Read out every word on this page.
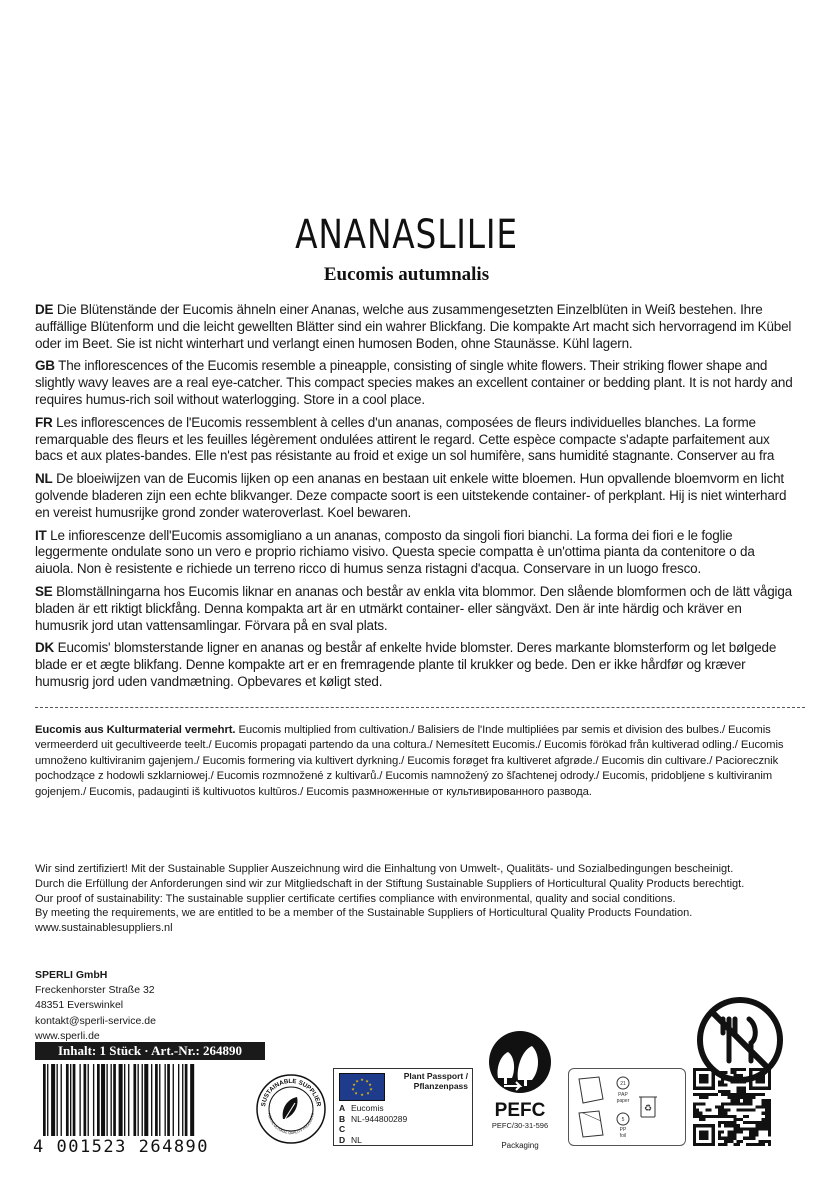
ANANASLILIE
Eucomis autumnalis
DE Die Blütenstände der Eucomis ähneln einer Ananas, welche aus zusammengesetzten Einzelblüten in Weiß bestehen. Ihre auffällige Blütenform und die leicht gewellten Blätter sind ein wahrer Blickfang. Die kompakte Art macht sich hervorragend im Kübel oder im Beet. Sie ist nicht winterhart und verlangt einen humosen Boden, ohne Staunässe. Kühl lagern.
GB The inflorescences of the Eucomis resemble a pineapple, consisting of single white flowers. Their striking flower shape and slightly wavy leaves are a real eye-catcher. This compact species makes an excellent container or bedding plant. It is not hardy and requires humus-rich soil without waterlogging. Store in a cool place.
FR Les inflorescences de l'Eucomis ressemblent à celles d'un ananas, composées de fleurs individuelles blanches. La forme remarquable des fleurs et les feuilles légèrement ondulées attirent le regard. Cette espèce compacte s'adapte parfaitement aux bacs et aux plates-bandes. Elle n'est pas résistante au froid et exige un sol humifère, sans humidité stagnante. Conserver au fra
NL De bloeiwijzen van de Eucomis lijken op een ananas en bestaan uit enkele witte bloemen. Hun opvallende bloemvorm en licht golvende bladeren zijn een echte blikvanger. Deze compacte soort is een uitstekende container- of perkplant. Hij is niet winterhard en vereist humusrijke grond zonder wateroverlast. Koel bewaren.
IT Le infiorescenze dell'Eucomis assomigliano a un ananas, composto da singoli fiori bianchi. La forma dei fiori e le foglie leggermente ondulate sono un vero e proprio richiamo visivo. Questa specie compatta è un'ottima pianta da contenitore o da aiuola. Non è resistente e richiede un terreno ricco di humus senza ristagni d'acqua. Conservare in un luogo fresco.
SE Blomställningarna hos Eucomis liknar en ananas och består av enkla vita blommor. Den slående blomformen och de lätt vågiga bladen är ett riktigt blickfång. Denna kompakta art är en utmärkt container- eller sängväxt. Den är inte härdig och kräver en humusrik jord utan vattensamlingar. Förvara på en sval plats.
DK Eucomis' blomsterstande ligner en ananas og består af enkelte hvide blomster. Deres markante blomsterform og let bølgede blade er et ægte blikfang. Denne kompakte art er en fremragende plante til krukker og bede. Den er ikke hårdfør og kræver humusrig jord uden vandmætning. Opbevares et køligt sted.
Eucomis aus Kulturmaterial vermehrt. Eucomis multiplied from cultivation./ Balisiers de l'Inde multipliées par semis et division des bulbes./ Eucomis vermeerderd uit gecultiveerde teelt./ Eucomis propagati partendo da una coltura./ Nemesített Eucomis./ Eucomis förökad från kultiverad odling./ Eucomis umnoženo kultiviranim gajenjem./ Eucomis formering via kultivert dyrkning./ Eucomis forøget fra kultiveret afgrøde./ Eucomis din cultivare./ Paciorecznik pochodzące z hodowli szklarniowej./ Eucomis rozmnožené z kultivarů./ Eucomis namnožený zo šľachtenej odrody./ Eucomis, pridobljene s kultiviranim gojenjem./ Eucomis, padauginti iš kultivuotos kultūros./ Eucomis размноженные от культивированного развода.
Wir sind zertifiziert! Mit der Sustainable Supplier Auszeichnung wird die Einhaltung von Umwelt-, Qualitäts- und Sozialbedingungen bescheinigt.
Durch die Erfüllung der Anforderungen sind wir zur Mitgliedschaft in der Stiftung Sustainable Suppliers of Horticultural Quality Products berechtigt.
Our proof of sustainability: The sustainable supplier certificate certifies compliance with environmental, quality and social conditions.
By meeting the requirements, we are entitled to be a member of the Sustainable Suppliers of Horticultural Quality Products Foundation.
www.sustainablesuppliers.nl
SPERLI GmbH
Freckenhorster Straße 32
48351 Everswinkel
kontakt@sperli-service.de
www.sperli.de
Inhalt: 1 Stück · Art.-Nr.: 264890
4 001523 264890
SUSTAINABLE SUPPLIER
HORTICULTURAL QUALITY PRODUCTS
★ ★
★
★
★
★
★
★
★
★	Plant Passport /
Pflanzenpass
A Eucomis
B NL-944800289
C
D NL
PEFC
PEFC/30-31-596
Packaging
21
PAP
paper
5
PP
foil
♻
